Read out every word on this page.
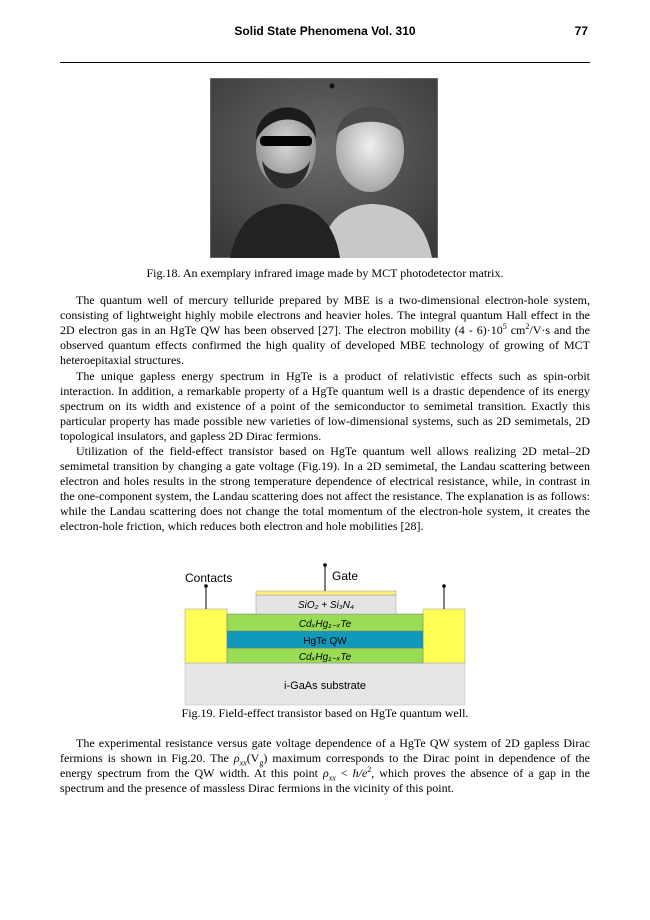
Solid State Phenomena Vol. 310	77
Fig.18. An exemplary infrared image made by MCT photodetector matrix.
The quantum well of mercury telluride prepared by MBE is a two-dimensional electron-hole system, consisting of lightweight highly mobile electrons and heavier holes. The integral quantum Hall effect in the 2D electron gas in an HgTe QW has been observed [27]. The electron mobility $(4 - 6)\cdot 10^5$ $cm^2/V\cdot s$ and the observed quantum effects confirmed the high quality of developed MBE technology of growing of MCT heteroepitaxial structures.
The unique gapless energy spectrum in HgTe is a product of relativistic effects such as spin-orbit interaction. In addition, a remarkable property of a HgTe quantum well is a drastic dependence of its energy spectrum on its width and existence of a point of the semiconductor to semimetal transition. Exactly this particular property has made possible new varieties of low-dimensional systems, such as 2D semimetals, 2D topological insulators, and gapless 2D Dirac fermions.
Utilization of the field-effect transistor based on HgTe quantum well allows realizing 2D metal–2D semimetal transition by changing a gate voltage (Fig.19). In a 2D semimetal, the Landau scattering between electron and holes results in the strong temperature dependence of electrical resistance, while, in contrast in the one-component system, the Landau scattering does not affect the resistance. The explanation is as follows: while the Landau scattering does not change the total momentum of the electron-hole system, it creates the electron-hole friction, which reduces both electron and hole mobilities [28].
i-GaAs substrate
CdₓHg₁₋ₓTe
HgTe QW
CdₓHg₁₋ₓTe
SiO₂ + Si₃N₄
Contacts	Gate
Fig.19. Field-effect transistor based on HgTe quantum well.
The experimental resistance versus gate voltage dependence of a HgTe QW system of 2D gapless Dirac fermions is shown in Fig.20. The $\rho_{xx}(V_g)$ maximum corresponds to the Dirac point in dependence of the energy spectrum from the QW width. At this point $\rho_{xx} < h/e^2$, which proves the absence of a gap in the spectrum and the presence of massless Dirac fermions in the vicinity of this point.
